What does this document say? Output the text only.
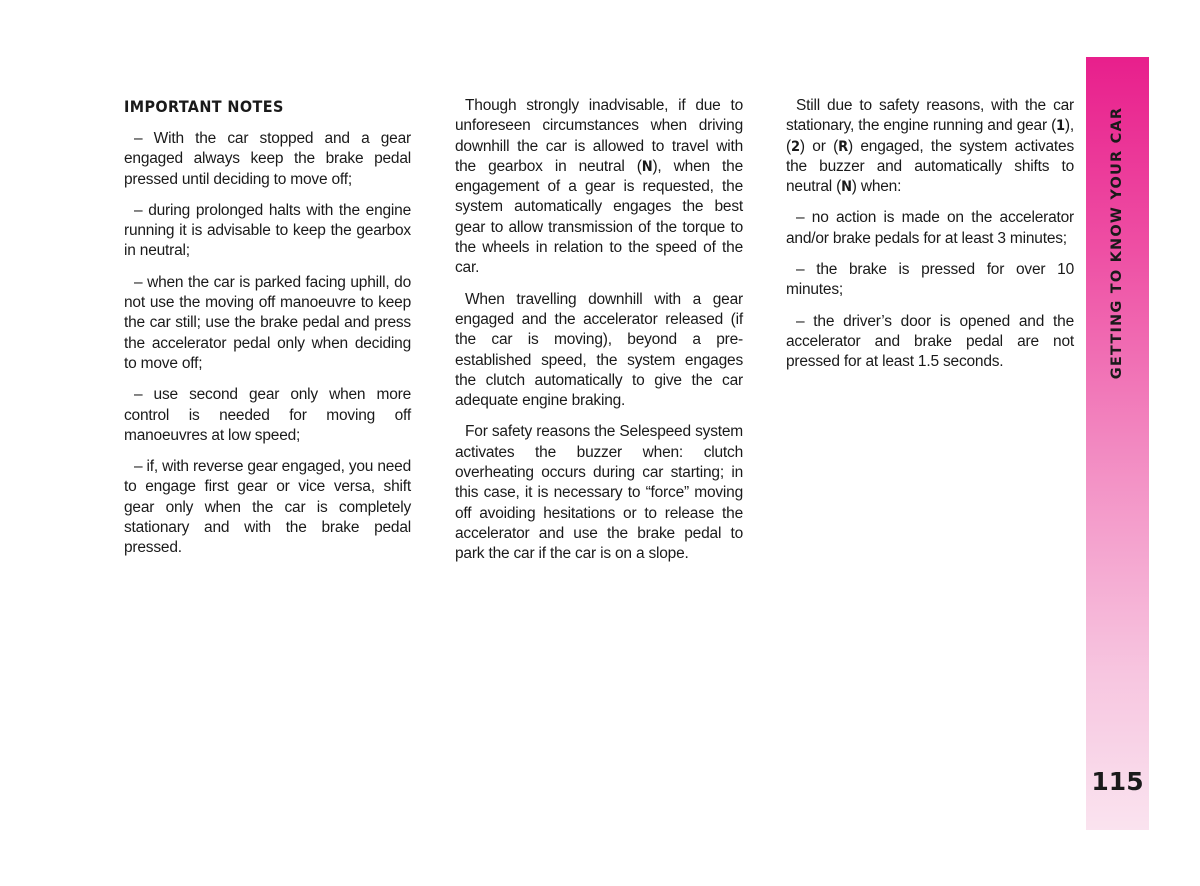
IMPORTANT NOTES

– With the car stopped and a gear engaged always keep the brake pedal pressed until deciding to move off;

– during prolonged halts with the engine running it is advisable to keep the gearbox in neutral;

– when the car is parked facing uphill, do not use the moving off manoeuvre to keep the car still; use the brake pedal and press the accelerator pedal only when deciding to move off;

– use second gear only when more control is needed for moving off manoeuvres at low speed;

– if, with reverse gear engaged, you need to engage first gear or vice versa, shift gear only when the car is completely stationary and with the brake pedal pressed.

Though strongly inadvisable, if due to unforeseen circumstances when driving downhill the car is allowed to travel with the gearbox in neutral (N), when the engagement of a gear is requested, the system automatically engages the best gear to allow transmission of the torque to the wheels in relation to the speed of the car.

When travelling downhill with a gear engaged and the accelerator released (if the car is moving), beyond a pre-established speed, the system engages the clutch automatically to give the car adequate engine braking.

For safety reasons the Selespeed system activates the buzzer when: clutch overheating occurs during car starting; in this case, it is necessary to “force” moving off avoiding hesitations or to release the accelerator and use the brake pedal to park the car if the car is on a slope.

Still due to safety reasons, with the car stationary, the engine running and gear (1), (2) or (R) engaged, the system activates the buzzer and automatically shifts to neutral (N) when:

– no action is made on the accelerator and/or brake pedals for at least 3 minutes;

– the brake is pressed for over 10 minutes;

– the driver’s door is opened and the accelerator and brake pedal are not pressed for at least 1.5 seconds.	GETTING TO KNOW YOUR CAR
115
